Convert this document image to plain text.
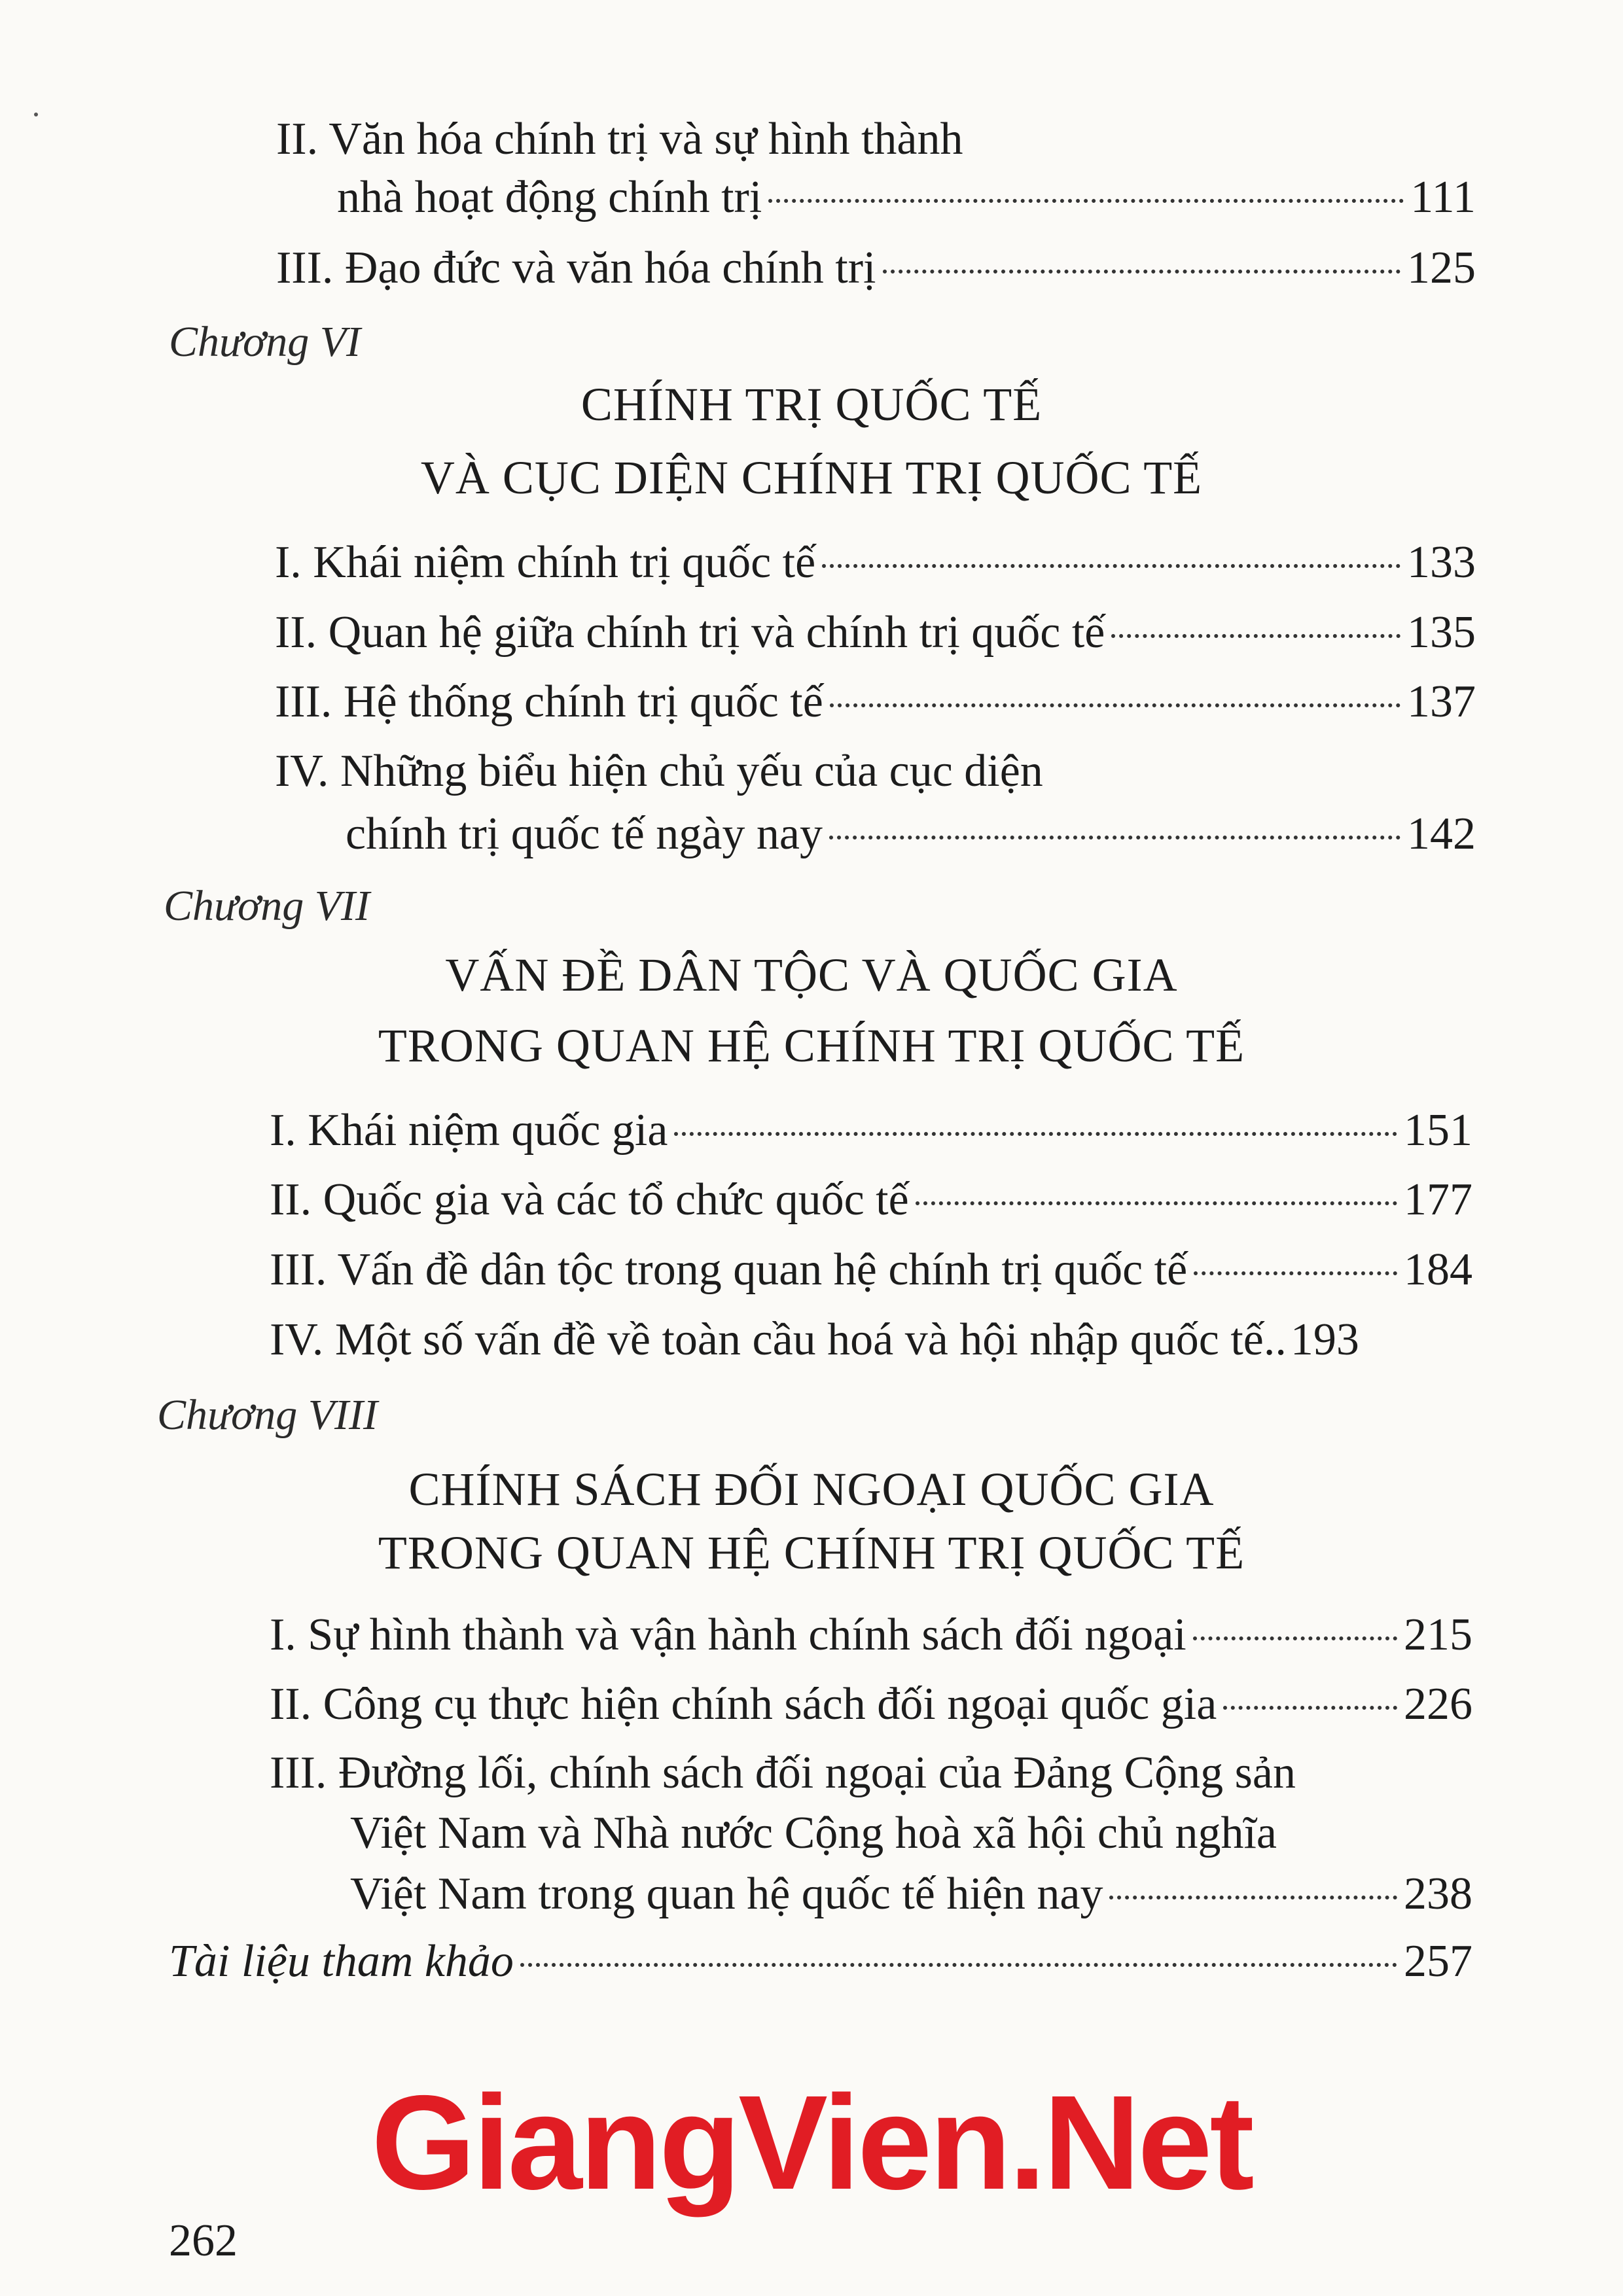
II. Văn hóa chính trị và sự hình thành
nhà hoạt động chính trị	111
III. Đạo đức và văn hóa chính trị	125
Chương VI
CHÍNH TRỊ QUỐC TẾ
VÀ CỤC DIỆN CHÍNH TRỊ QUỐC TẾ
I. Khái niệm chính trị quốc tế	133
II. Quan hệ giữa chính trị và chính trị quốc tế	135
III. Hệ thống chính trị quốc tế	137
IV. Những biểu hiện chủ yếu của cục diện
chính trị quốc tế ngày nay	142
Chương VII
VẤN ĐỀ DÂN TỘC VÀ QUỐC GIA
TRONG QUAN HỆ CHÍNH TRỊ QUỐC TẾ
I. Khái niệm quốc gia	151
II. Quốc gia và các tổ chức quốc tế	177
III. Vấn đề dân tộc trong quan hệ chính trị quốc tế	184
IV. Một số vấn đề về toàn cầu hoá và hội nhập quốc tế.. 193
Chương VIII
CHÍNH SÁCH ĐỐI NGOẠI QUỐC GIA
TRONG QUAN HỆ CHÍNH TRỊ QUỐC TẾ
I. Sự hình thành và vận hành chính sách đối ngoại	215
II. Công cụ thực hiện chính sách đối ngoại quốc gia	226
III. Đường lối, chính sách đối ngoại của Đảng Cộng sản
Việt Nam và Nhà nước Cộng hoà xã hội chủ nghĩa
Việt Nam trong quan hệ quốc tế hiện nay	238
Tài liệu tham khảo	257
GiangVien.Net
262
